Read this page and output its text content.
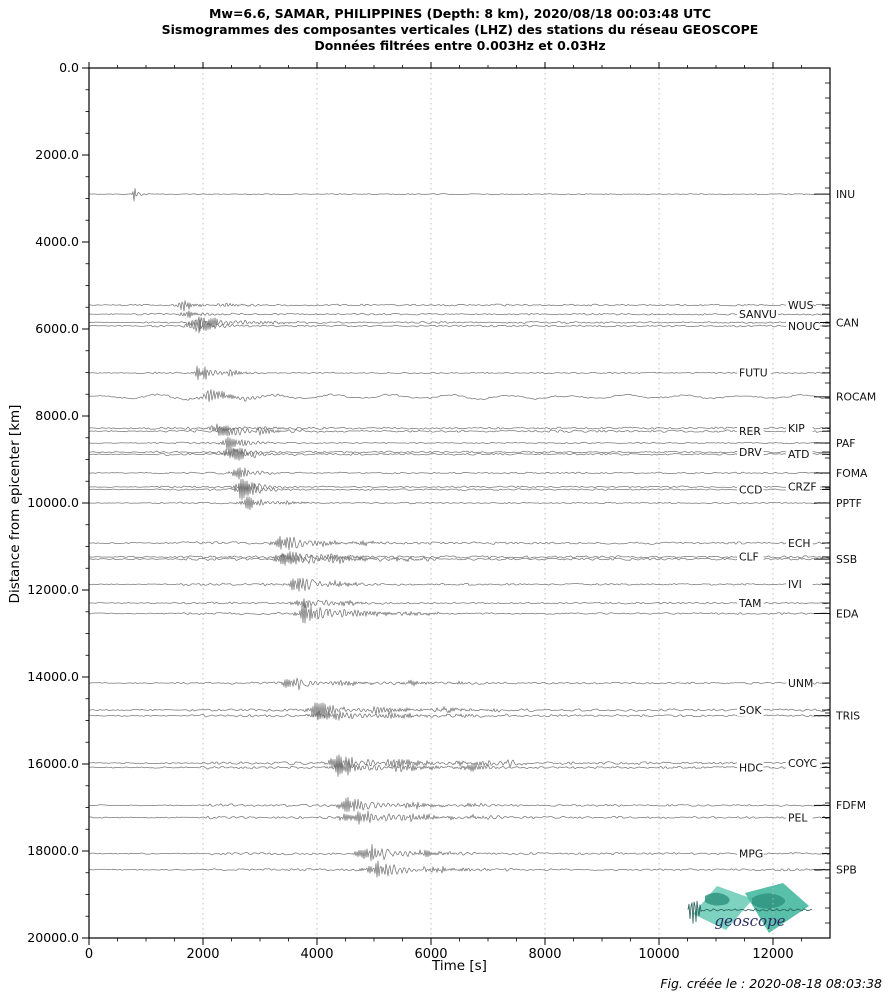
Mw=6.6, SAMAR, PHILIPPINES (Depth: 8 km), 2020/08/18 00:03:48 UTC
Sismogrammes des composantes verticales (LHZ) des stations du réseau GEOSCOPE
Données filtrées entre 0.003Hz et 0.03Hz
geoscope
0.0
2000.0
4000.0
6000.0
8000.0
10000.0
12000.0
14000.0
16000.0
18000.0
20000.0
0	2000	4000	6000	8000	10000	12000
INU
WUS
SANVU
CAN
NOUC
FUTU
ROCAM
KIP
RER
PAF
DRV ATD
FOMA
CRZF
CCD
PPTF
ECH
CLF	SSB
IVI
TAM
EDA
UNM
SOK	TRIS
COYC
HDC
FDFM
PEL
MPG
SPB
Distance from epicenter [km]
Time [s]
Fig. créée le : 2020-08-18 08:03:38
